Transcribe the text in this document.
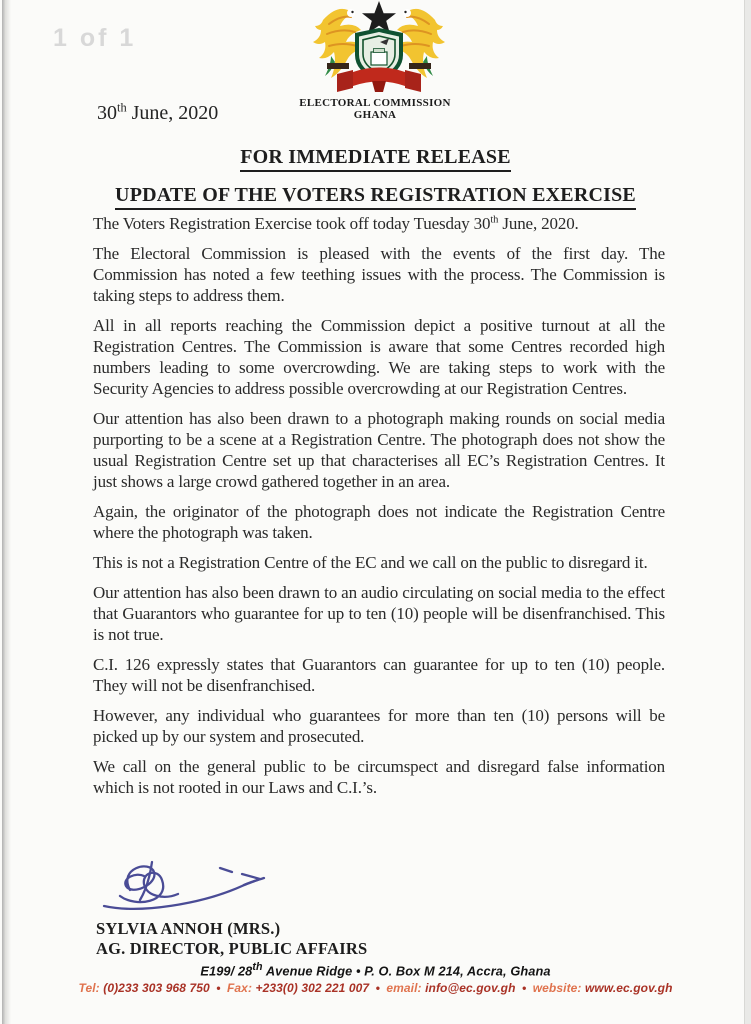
1 of 1
30th June, 2020	ELECTORAL COMMISSION
GHANA
FOR IMMEDIATE RELEASE
UPDATE OF THE VOTERS REGISTRATION EXERCISE

The Voters Registration Exercise took off today Tuesday 30th June, 2020.

The Electoral Commission is pleased with the events of the first day. The Commission has noted a few teething issues with the process. The Commission is taking steps to address them.

All in all reports reaching the Commission depict a positive turnout at all the Registration Centres. The Commission is aware that some Centres recorded high numbers leading to some overcrowding. We are taking steps to work with the Security Agencies to address possible overcrowding at our Registration Centres.

Our attention has also been drawn to a photograph making rounds on social media purporting to be a scene at a Registration Centre. The photograph does not show the usual Registration Centre set up that characterises all EC’s Registration Centres. It just shows a large crowd gathered together in an area.

Again, the originator of the photograph does not indicate the Registration Centre where the photograph was taken.

This is not a Registration Centre of the EC and we call on the public to disregard it.

Our attention has also been drawn to an audio circulating on social media to the effect that Guarantors who guarantee for up to ten (10) people will be disenfranchised. This is not true.

C.I. 126 expressly states that Guarantors can guarantee for up to ten (10) people. They will not be disenfranchised.

However, any individual who guarantees for more than ten (10) persons will be picked up by our system and prosecuted.

We call on the general public to be circumspect and disregard false information which is not rooted in our Laws and C.I.’s.

SYLVIA ANNOH (MRS.)
AG. DIRECTOR, PUBLIC AFFAIRS
E199/ 28th Avenue Ridge • P. O. Box M 214, Accra, Ghana
Tel: (0)233 303 968 750 • Fax: +233(0) 302 221 007 • email: info@ec.gov.gh • website: www.ec.gov.gh
